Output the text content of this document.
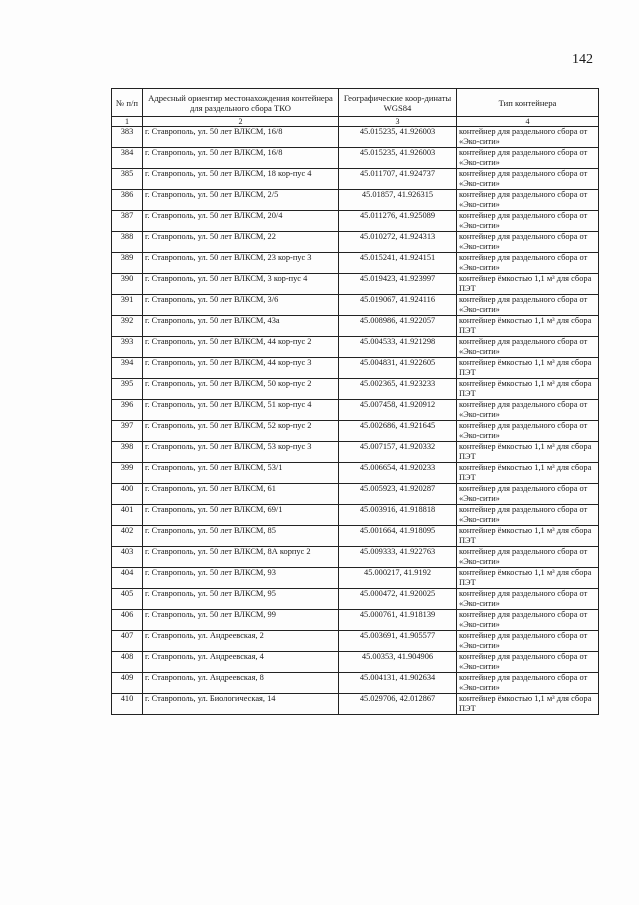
142
№ п/п	Адресный ориентир местонахождения контейнера для раздельного сбора ТКО	Географические коор-динаты WGS84	Тип контейнера
1	2	3	4
383	г. Ставрополь, ул. 50 лет ВЛКСМ, 16/8	45.015235, 41.926003	контейнер для раздельного сбора от «Эко-сити»
384	г. Ставрополь, ул. 50 лет ВЛКСМ, 16/8	45.015235, 41.926003	контейнер для раздельного сбора от «Эко-сити»
385	г. Ставрополь, ул. 50 лет ВЛКСМ, 18 кор-пус 4	45.011707, 41.924737	контейнер для раздельного сбора от «Эко-сити»
386	г. Ставрополь, ул. 50 лет ВЛКСМ, 2/5	45.01857, 41.926315	контейнер для раздельного сбора от «Эко-сити»
387	г. Ставрополь, ул. 50 лет ВЛКСМ, 20/4	45.011276, 41.925089	контейнер для раздельного сбора от «Эко-сити»
388	г. Ставрополь, ул. 50 лет ВЛКСМ, 22	45.010272, 41.924313	контейнер для раздельного сбора от «Эко-сити»
389	г. Ставрополь, ул. 50 лет ВЛКСМ, 23 кор-пус 3	45.015241, 41.924151	контейнер для раздельного сбора от «Эко-сити»
390	г. Ставрополь, ул. 50 лет ВЛКСМ, 3 кор-пус 4	45.019423, 41.923997	контейнер ёмкостью 1,1 м³ для сбора ПЭТ
391	г. Ставрополь, ул. 50 лет ВЛКСМ, 3/6	45.019067, 41.924116	контейнер для раздельного сбора от «Эко-сити»
392	г. Ставрополь, ул. 50 лет ВЛКСМ, 43а	45.008986, 41.922057	контейнер ёмкостью 1,1 м³ для сбора ПЭТ
393	г. Ставрополь, ул. 50 лет ВЛКСМ, 44 кор-пус 2	45.004533, 41.921298	контейнер для раздельного сбора от «Эко-сити»
394	г. Ставрополь, ул. 50 лет ВЛКСМ, 44 кор-пус 3	45.004831, 41.922605	контейнер ёмкостью 1,1 м³ для сбора ПЭТ
395	г. Ставрополь, ул. 50 лет ВЛКСМ, 50 кор-пус 2	45.002365, 41.923233	контейнер ёмкостью 1,1 м³ для сбора ПЭТ
396	г. Ставрополь, ул. 50 лет ВЛКСМ, 51 кор-пус 4	45.007458, 41.920912	контейнер для раздельного сбора от «Эко-сити»
397	г. Ставрополь, ул. 50 лет ВЛКСМ, 52 кор-пус 2	45.002686, 41.921645	контейнер для раздельного сбора от «Эко-сити»
398	г. Ставрополь, ул. 50 лет ВЛКСМ, 53 кор-пус 3	45.007157, 41.920332	контейнер ёмкостью 1,1 м³ для сбора ПЭТ
399	г. Ставрополь, ул. 50 лет ВЛКСМ, 53/1	45.006654, 41.920233	контейнер ёмкостью 1,1 м³ для сбора ПЭТ
400	г. Ставрополь, ул. 50 лет ВЛКСМ, 61	45.005923, 41.920287	контейнер для раздельного сбора от «Эко-сити»
401	г. Ставрополь, ул. 50 лет ВЛКСМ, 69/1	45.003916, 41.918818	контейнер для раздельного сбора от «Эко-сити»
402	г. Ставрополь, ул. 50 лет ВЛКСМ, 85	45.001664, 41.918095	контейнер ёмкостью 1,1 м³ для сбора ПЭТ
403	г. Ставрополь, ул. 50 лет ВЛКСМ, 8А корпус 2	45.009333, 41.922763	контейнер для раздельного сбора от «Эко-сити»
404	г. Ставрополь, ул. 50 лет ВЛКСМ, 93	45.000217, 41.9192	контейнер ёмкостью 1,1 м³ для сбора ПЭТ
405	г. Ставрополь, ул. 50 лет ВЛКСМ, 95	45.000472, 41.920025	контейнер для раздельного сбора от «Эко-сити»
406	г. Ставрополь, ул. 50 лет ВЛКСМ, 99	45.000761, 41.918139	контейнер для раздельного сбора от «Эко-сити»
407	г. Ставрополь, ул. Андреевская, 2	45.003691, 41.905577	контейнер для раздельного сбора от «Эко-сити»
408	г. Ставрополь, ул. Андреевская, 4	45.00353, 41.904906	контейнер для раздельного сбора от «Эко-сити»
409	г. Ставрополь, ул. Андреевская, 8	45.004131, 41.902634	контейнер для раздельного сбора от «Эко-сити»
410	г. Ставрополь, ул. Биологическая, 14	45.029706, 42.012867	контейнер ёмкостью 1,1 м³ для сбора ПЭТ
